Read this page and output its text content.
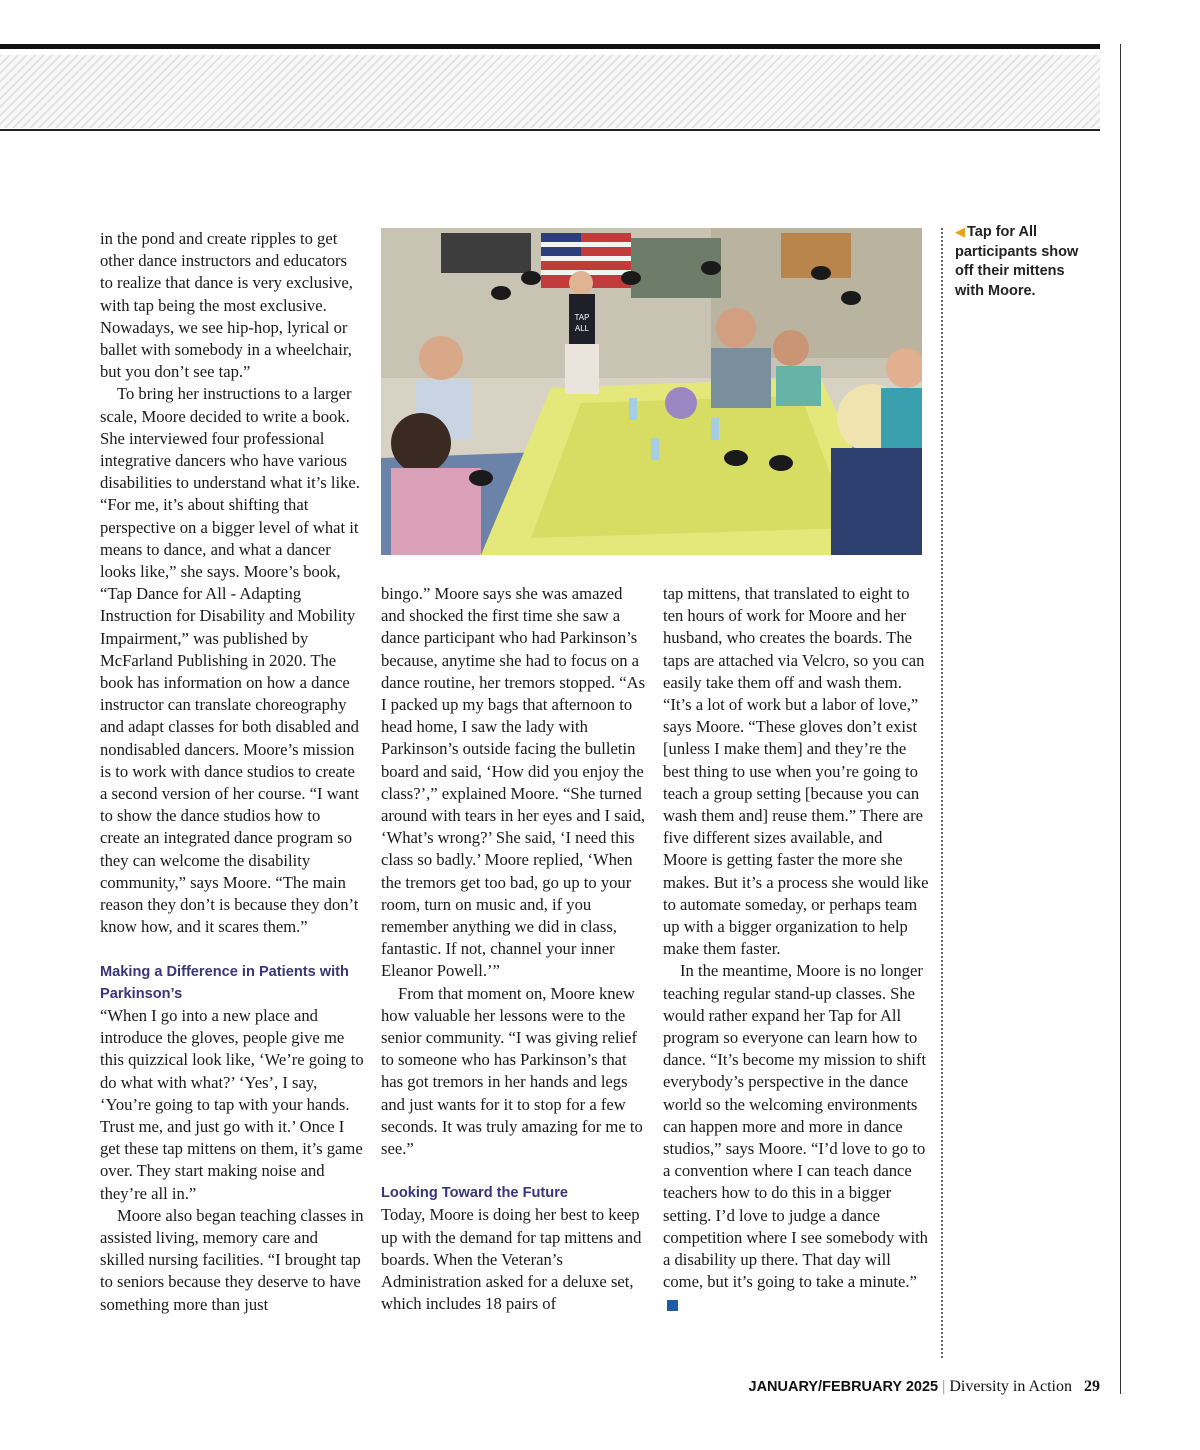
in the pond and create ripples to get other dance instructors and educators to realize that dance is very exclusive, with tap being the most exclusive. Nowadays, we see hip-hop, lyrical or ballet with somebody in a wheelchair, but you don’t see tap.”

To bring her instructions to a larger scale, Moore decided to write a book. She interviewed four professional integrative dancers who have various disabilities to understand what it’s like. “For me, it’s about shifting that perspective on a bigger level of what it means to dance, and what a dancer looks like,” she says. Moore’s book, “Tap Dance for All - Adapting Instruction for Disability and Mobility Impairment,” was published by McFarland Publishing in 2020. The book has information on how a dance instructor can translate choreography and adapt classes for both disabled and nondisabled dancers. Moore’s mission is to work with dance studios to create a second version of her course. “I want to show the dance studios how to create an integrated dance program so they can welcome the disability community,” says Moore. “The main reason they don’t is because they don’t know how, and it scares them.”

Making a Difference in Patients with Parkinson’s

“When I go into a new place and introduce the gloves, people give me this quizzical look like, ‘We’re going to do what with what?’ ‘Yes’, I say, ‘You’re going to tap with your hands. Trust me, and just go with it.’ Once I get these tap mittens on them, it’s game over. They start making noise and they’re all in.”

Moore also began teaching classes in assisted living, memory care and skilled nursing facilities. “I brought tap to seniors because they deserve to have something more than just

TAP
ALL

bingo.” Moore says she was amazed and shocked the first time she saw a dance participant who had Parkinson’s because, anytime she had to focus on a dance routine, her tremors stopped. “As I packed up my bags that afternoon to head home, I saw the lady with Parkinson’s outside facing the bulletin board and said, ‘How did you enjoy the class?’,” explained Moore. “She turned around with tears in her eyes and I said, ‘What’s wrong?’ She said, ‘I need this class so badly.’ Moore replied, ‘When the tremors get too bad, go up to your room, turn on music and, if you remember anything we did in class, fantastic. If not, channel your inner Eleanor Powell.’”

From that moment on, Moore knew how valuable her lessons were to the senior community. “I was giving relief to someone who has Parkinson’s that has got tremors in her hands and legs and just wants for it to stop for a few seconds. It was truly amazing for me to see.”

Looking Toward the Future

Today, Moore is doing her best to keep up with the demand for tap mittens and boards. When the Veteran’s Administration asked for a deluxe set, which includes 18 pairs of

tap mittens, that translated to eight to ten hours of work for Moore and her husband, who creates the boards. The taps are attached via Velcro, so you can easily take them off and wash them. “It’s a lot of work but a labor of love,” says Moore. “These gloves don’t exist [unless I make them] and they’re the best thing to use when you’re going to teach a group setting [because you can wash them and] reuse them.” There are five different sizes available, and Moore is getting faster the more she makes. But it’s a process she would like to automate someday, or perhaps team up with a bigger organization to help make them faster.

In the meantime, Moore is no longer teaching regular stand-up classes. She would rather expand her Tap for All program so everyone can learn how to dance. “It’s become my mission to shift everybody’s perspective in the dance world so the welcoming environments can happen more and more in dance studios,” says Moore. “I’d love to go to a convention where I can teach dance teachers how to do this in a bigger setting. I’d love to judge a dance competition where I see somebody with a disability up there. That day will come, but it’s going to take a minute.”

◀ Tap for All participants show off their mittens with Moore.
JANUARY/FEBRUARY 2025 | Diversity in Action 29
